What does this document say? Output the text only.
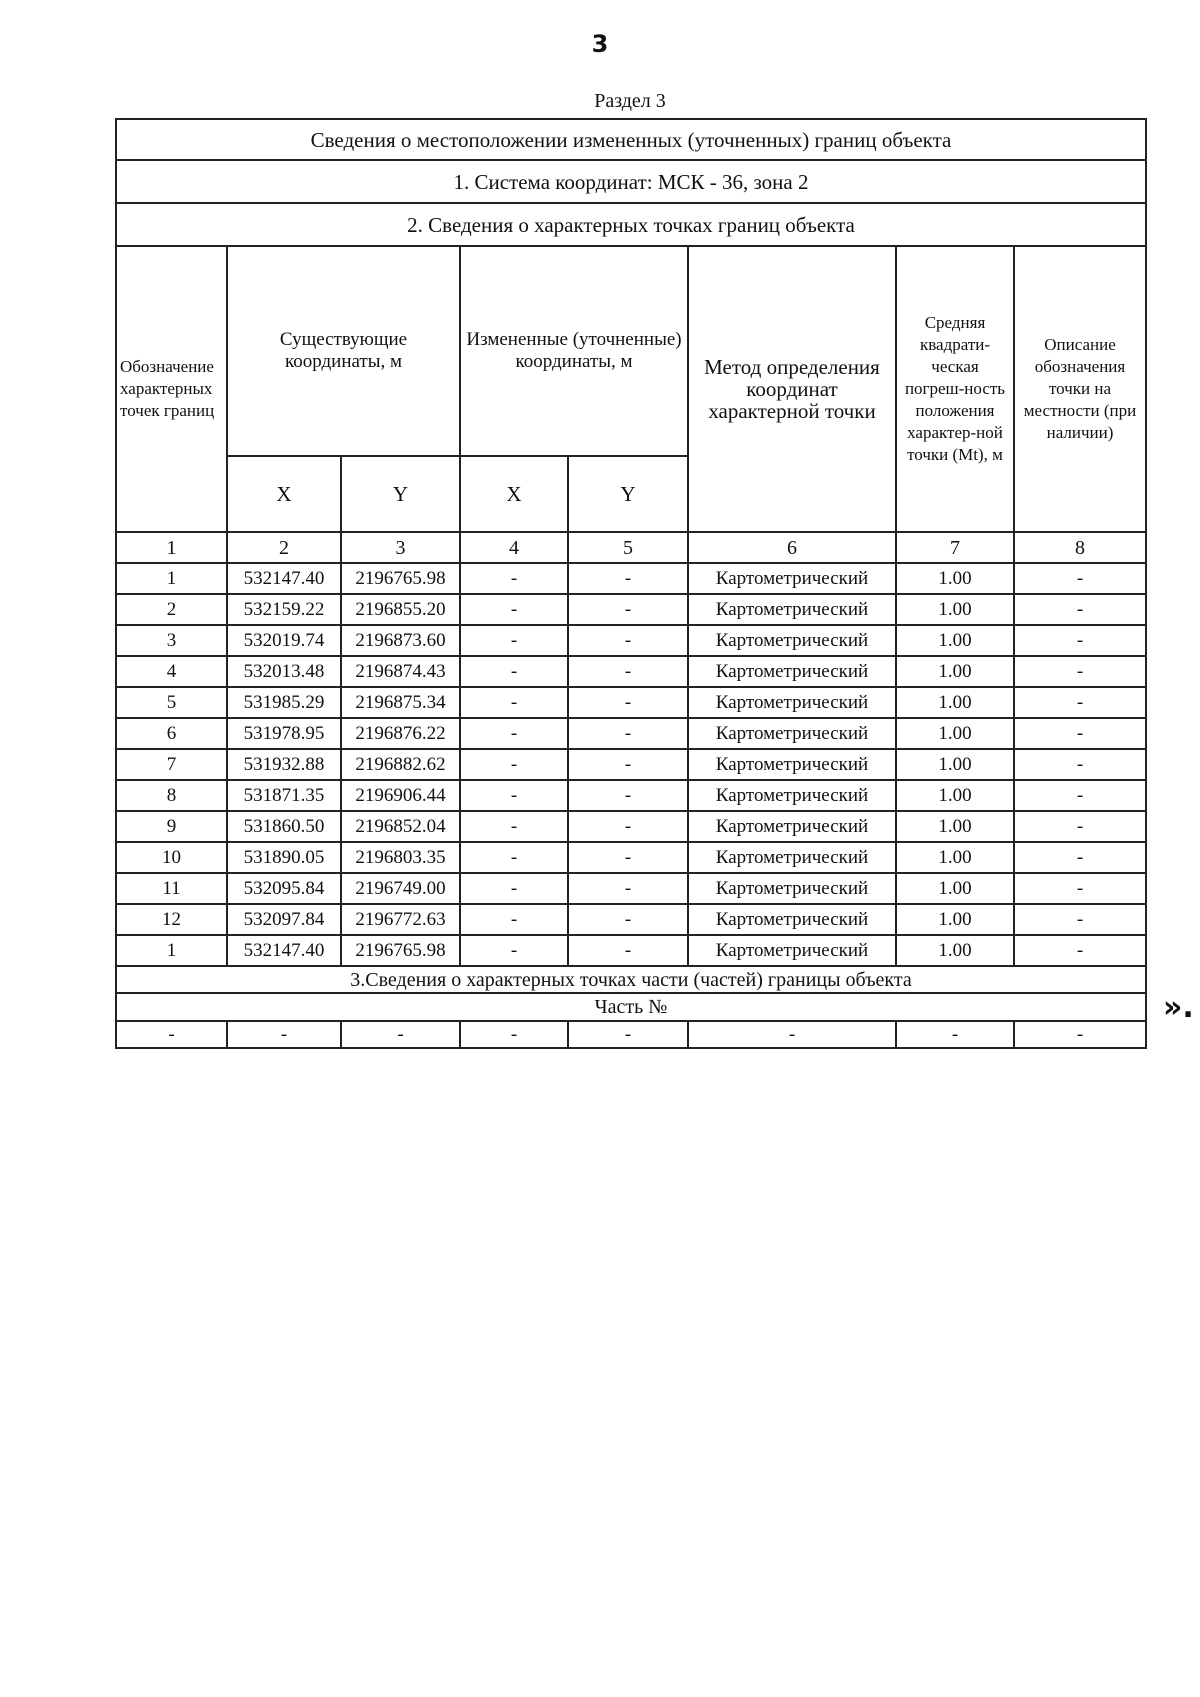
3
Раздел 3
Сведения о местоположении измененных (уточненных) границ объекта							
1. Система координат: МСК - 36, зона 2							
2. Сведения о характерных точках границ объекта							
Обозначение характерных точек границ	Существующие координаты, м		Измененные (уточненные) координаты, м		Метод определения координат характерной точки	Средняя квадрати-ческая погреш-ность положения характер-ной точки (Mt), м	Описание обозначения точки на местности (при наличии)
	X	Y	X	Y			
1	2	3	4	5	6	7	8
1	532147.40	2196765.98	-	-	Картометрический	1.00	-
2	532159.22	2196855.20	-	-	Картометрический	1.00	-
3	532019.74	2196873.60	-	-	Картометрический	1.00	-
4	532013.48	2196874.43	-	-	Картометрический	1.00	-
5	531985.29	2196875.34	-	-	Картометрический	1.00	-
6	531978.95	2196876.22	-	-	Картометрический	1.00	-
7	531932.88	2196882.62	-	-	Картометрический	1.00	-
8	531871.35	2196906.44	-	-	Картометрический	1.00	-
9	531860.50	2196852.04	-	-	Картометрический	1.00	-
10	531890.05	2196803.35	-	-	Картометрический	1.00	-
11	532095.84	2196749.00	-	-	Картометрический	1.00	-
12	532097.84	2196772.63	-	-	Картометрический	1.00	-
1	532147.40	2196765.98	-	-	Картометрический	1.00	-
3.Сведения о характерных точках части (частей) границы объекта							
Часть №							
-	-	-	-	-	-	-	-
».
